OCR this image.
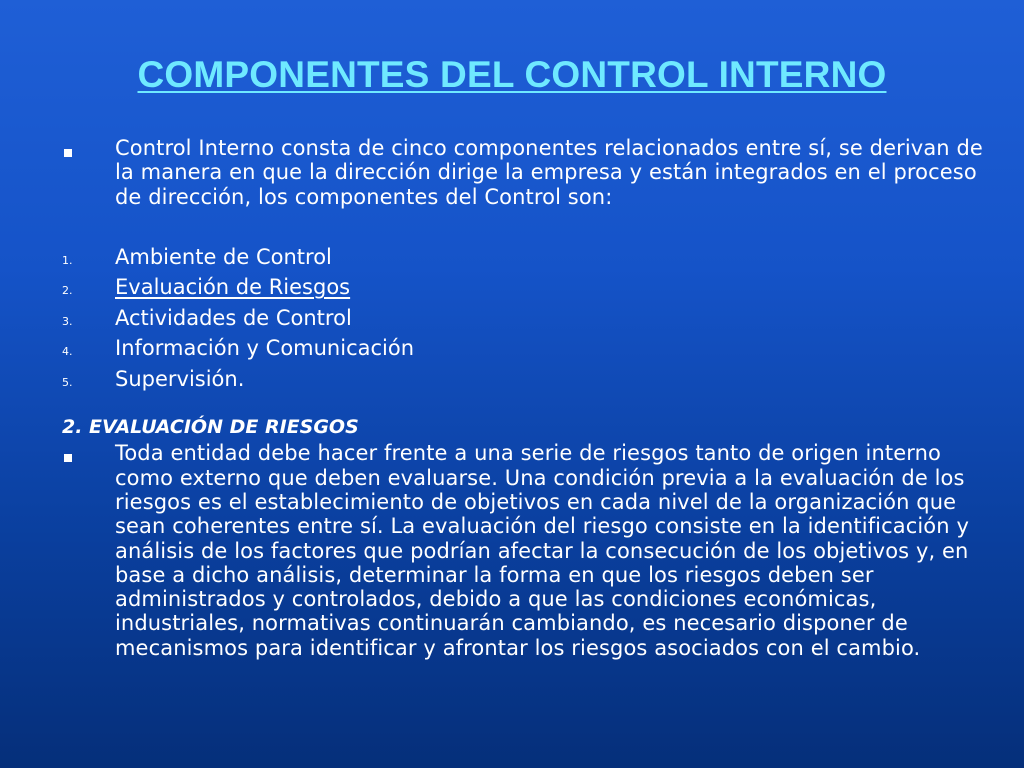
COMPONENTES DEL CONTROL INTERNO
Control Interno consta de cinco componentes relacionados entre sí, se derivan de la manera en que la dirección dirige la empresa y están integrados en el proceso de dirección, los componentes del Control son:
1.	Ambiente de Control
2.	Evaluación de Riesgos
3.	Actividades de Control
4.	Información y Comunicación
5.	Supervisión.
2. EVALUACIÓN DE RIESGOS
Toda entidad debe hacer frente a una serie de riesgos tanto de origen interno como externo que deben evaluarse. Una condición previa a la evaluación de los riesgos es el establecimiento de objetivos en cada nivel de la organización que sean coherentes entre sí. La evaluación del riesgo consiste en la identificación y análisis de los factores que podrían afectar la consecución de los objetivos y, en base a dicho análisis, determinar la forma en que los riesgos deben ser administrados y controlados, debido a que las condiciones económicas, industriales, normativas continuarán cambiando, es necesario disponer de mecanismos para identificar y afrontar los riesgos asociados con el cambio.
